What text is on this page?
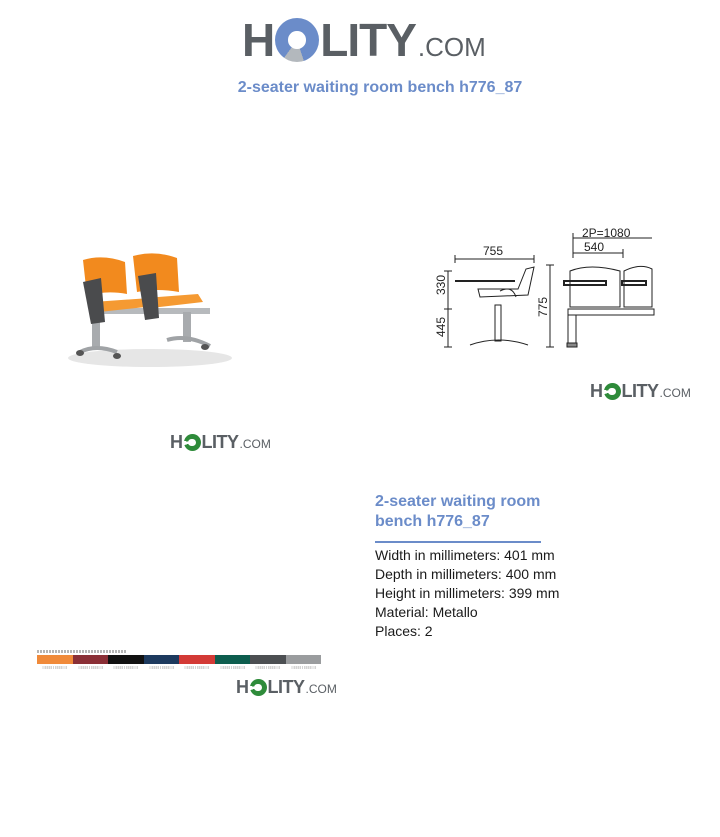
H LITY .COM
2-seater waiting room bench h776_87
H LITY .COM
755
2P=1080
540
330
445
775
H LITY .COM
2-seater waiting room bench h776_87
Width in millimeters: 401 mm
Depth in millimeters: 400 mm
Height in millimeters: 399 mm
Material: Metallo
Places: 2
H LITY .COM
